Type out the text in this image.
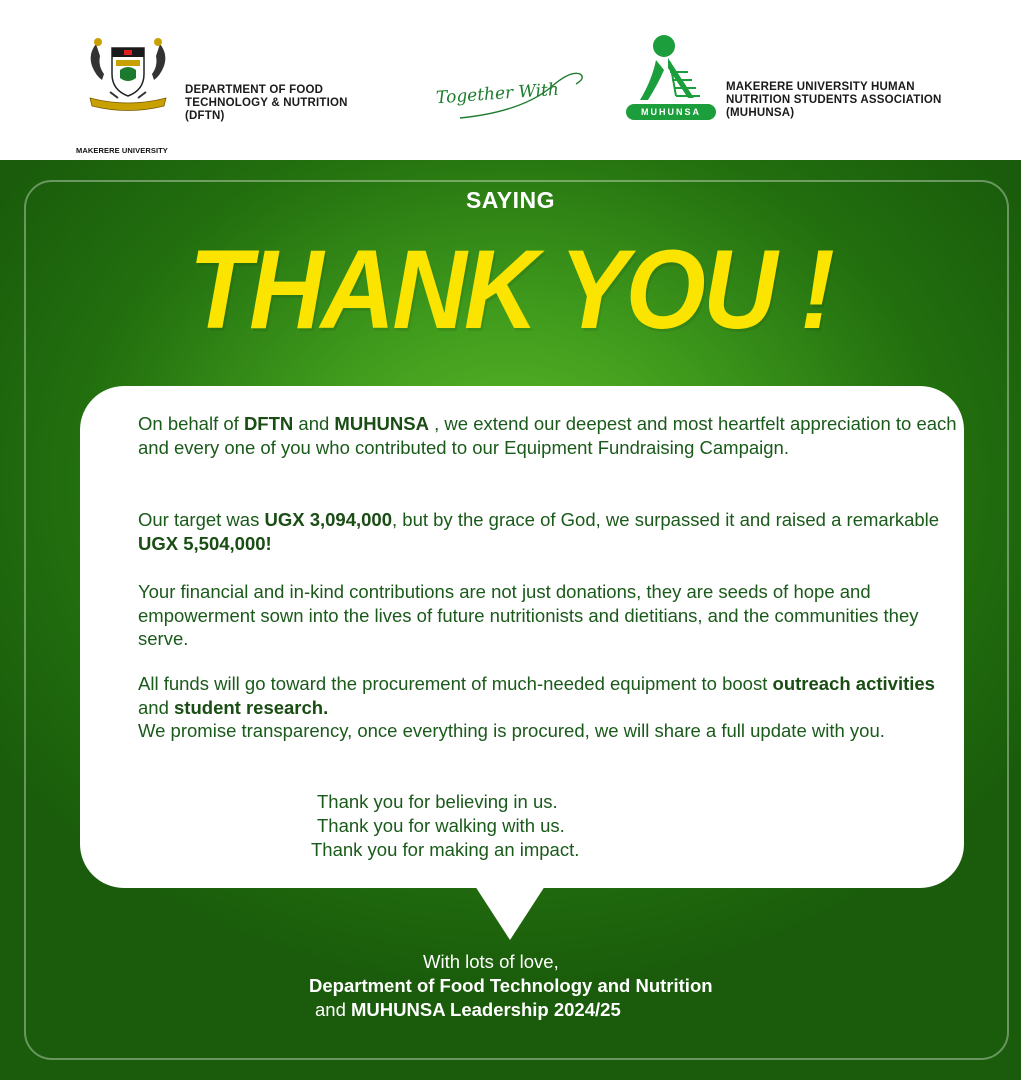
MAKERERE UNIVERSITY
DEPARTMENT OF FOOD
TECHNOLOGY & NUTRITION
(DFTN)
Together With
MUHUNSA
MAKERERE UNIVERSITY HUMAN
NUTRITION STUDENTS ASSOCIATION
(MUHUNSA)
SAYING
THANK YOU !
On behalf of DFTN and MUHUNSA , we extend our deepest and most heartfelt appreciation to each and every one of you who contributed to our Equipment Fundraising Campaign.
Our target was UGX 3,094,000, but by the grace of God, we surpassed it and raised a remarkable UGX 5,504,000!
Your financial and in-kind contributions are not just donations, they are seeds of hope and empowerment sown into the lives of future nutritionists and dietitians, and the communities they serve.
All funds will go toward the procurement of much-needed equipment to boost outreach activities and student research.
We promise transparency, once everything is procured, we will share a full update with you.
Thank you for believing in us.
Thank you for walking with us.
Thank you for making an impact.
With lots of love,
Department of Food Technology and Nutrition
and MUHUNSA Leadership 2024/25
